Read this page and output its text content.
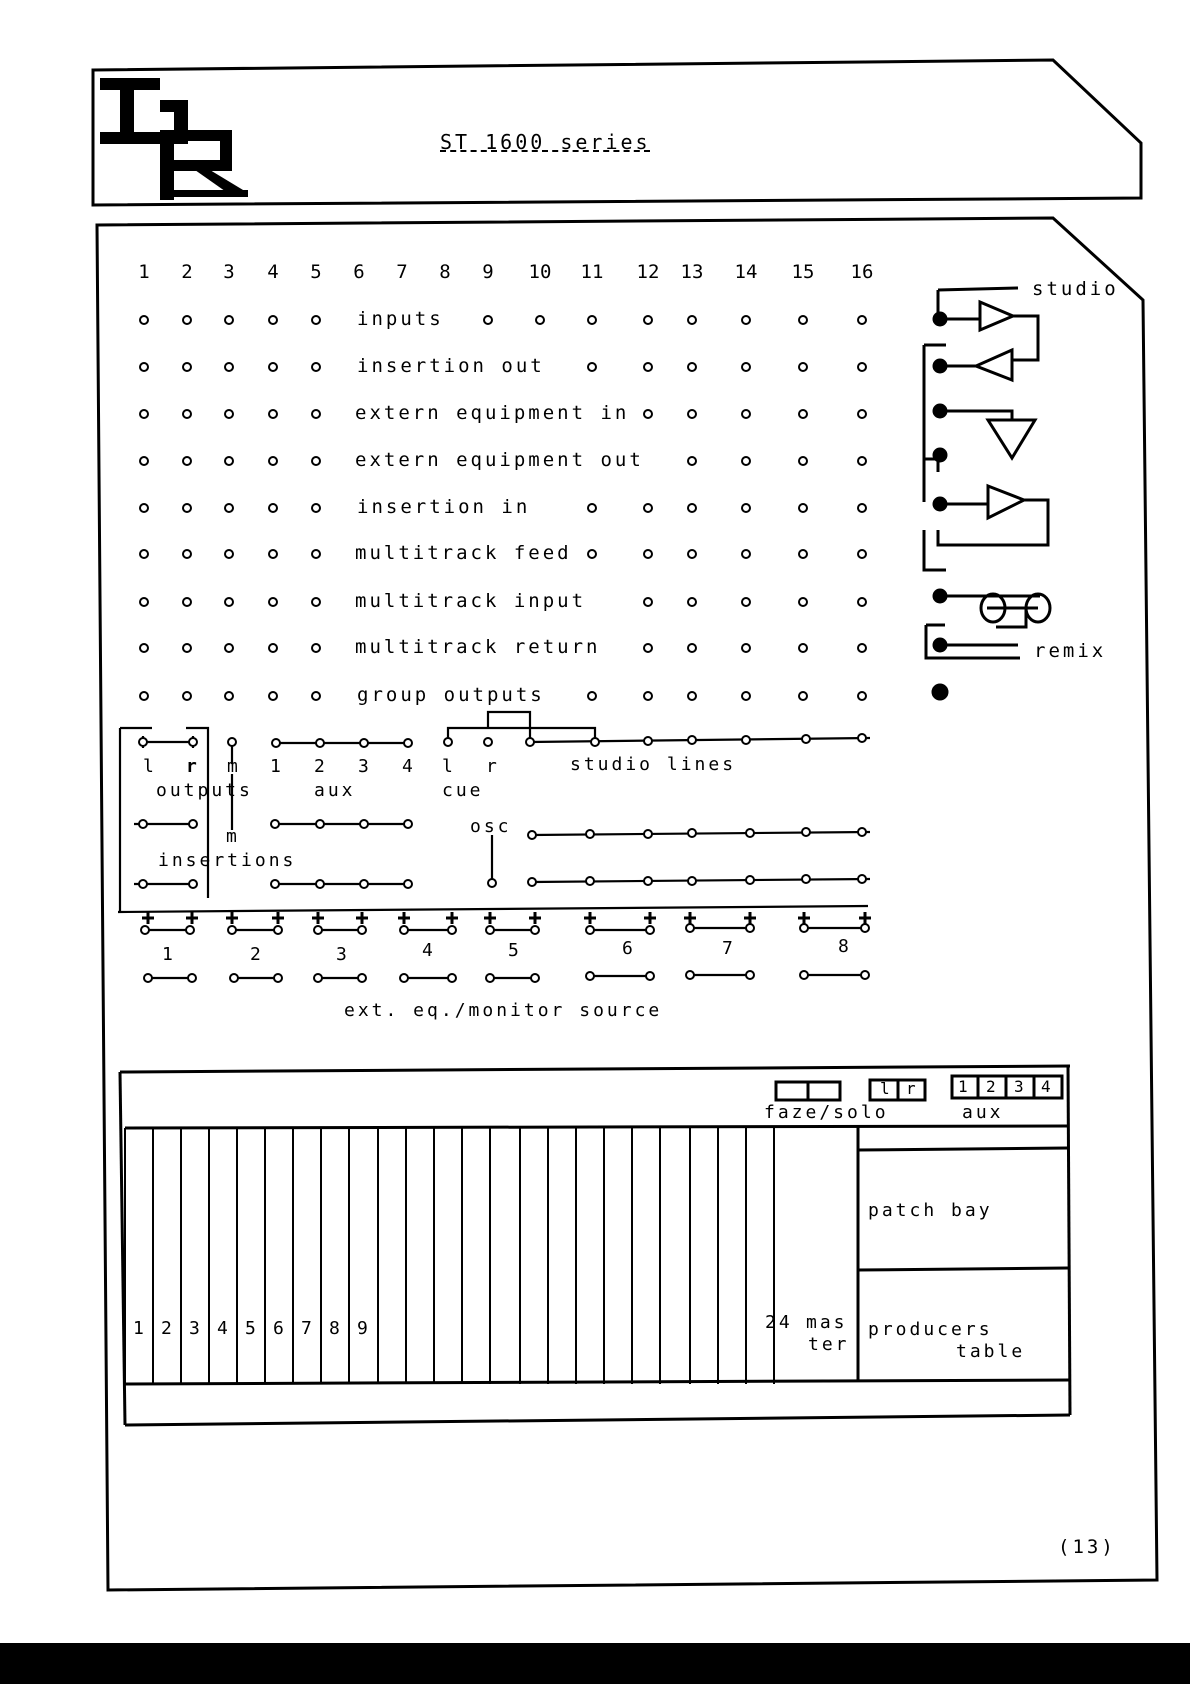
ST 1600 series
1 2 3 4 5 6 7 8 9 10 11 12 13 14 15 16
inputs
insertion out
extern equipment in
extern equipment out
insertion in
multitrack feed
multitrack input
multitrack return
group outputs
studio
remix
l r m
outputs
m
insertions
aux
l r
cue
studio lines
osc
ext. eq./monitor source
1 2 3 4
1	2	3	4	5	6	7	8
faze/solo
l r 1 2 3 4
aux
24 mas
ter
patch bay
producers
table
1 2 3 4 5 6 7 8 9
(13)
